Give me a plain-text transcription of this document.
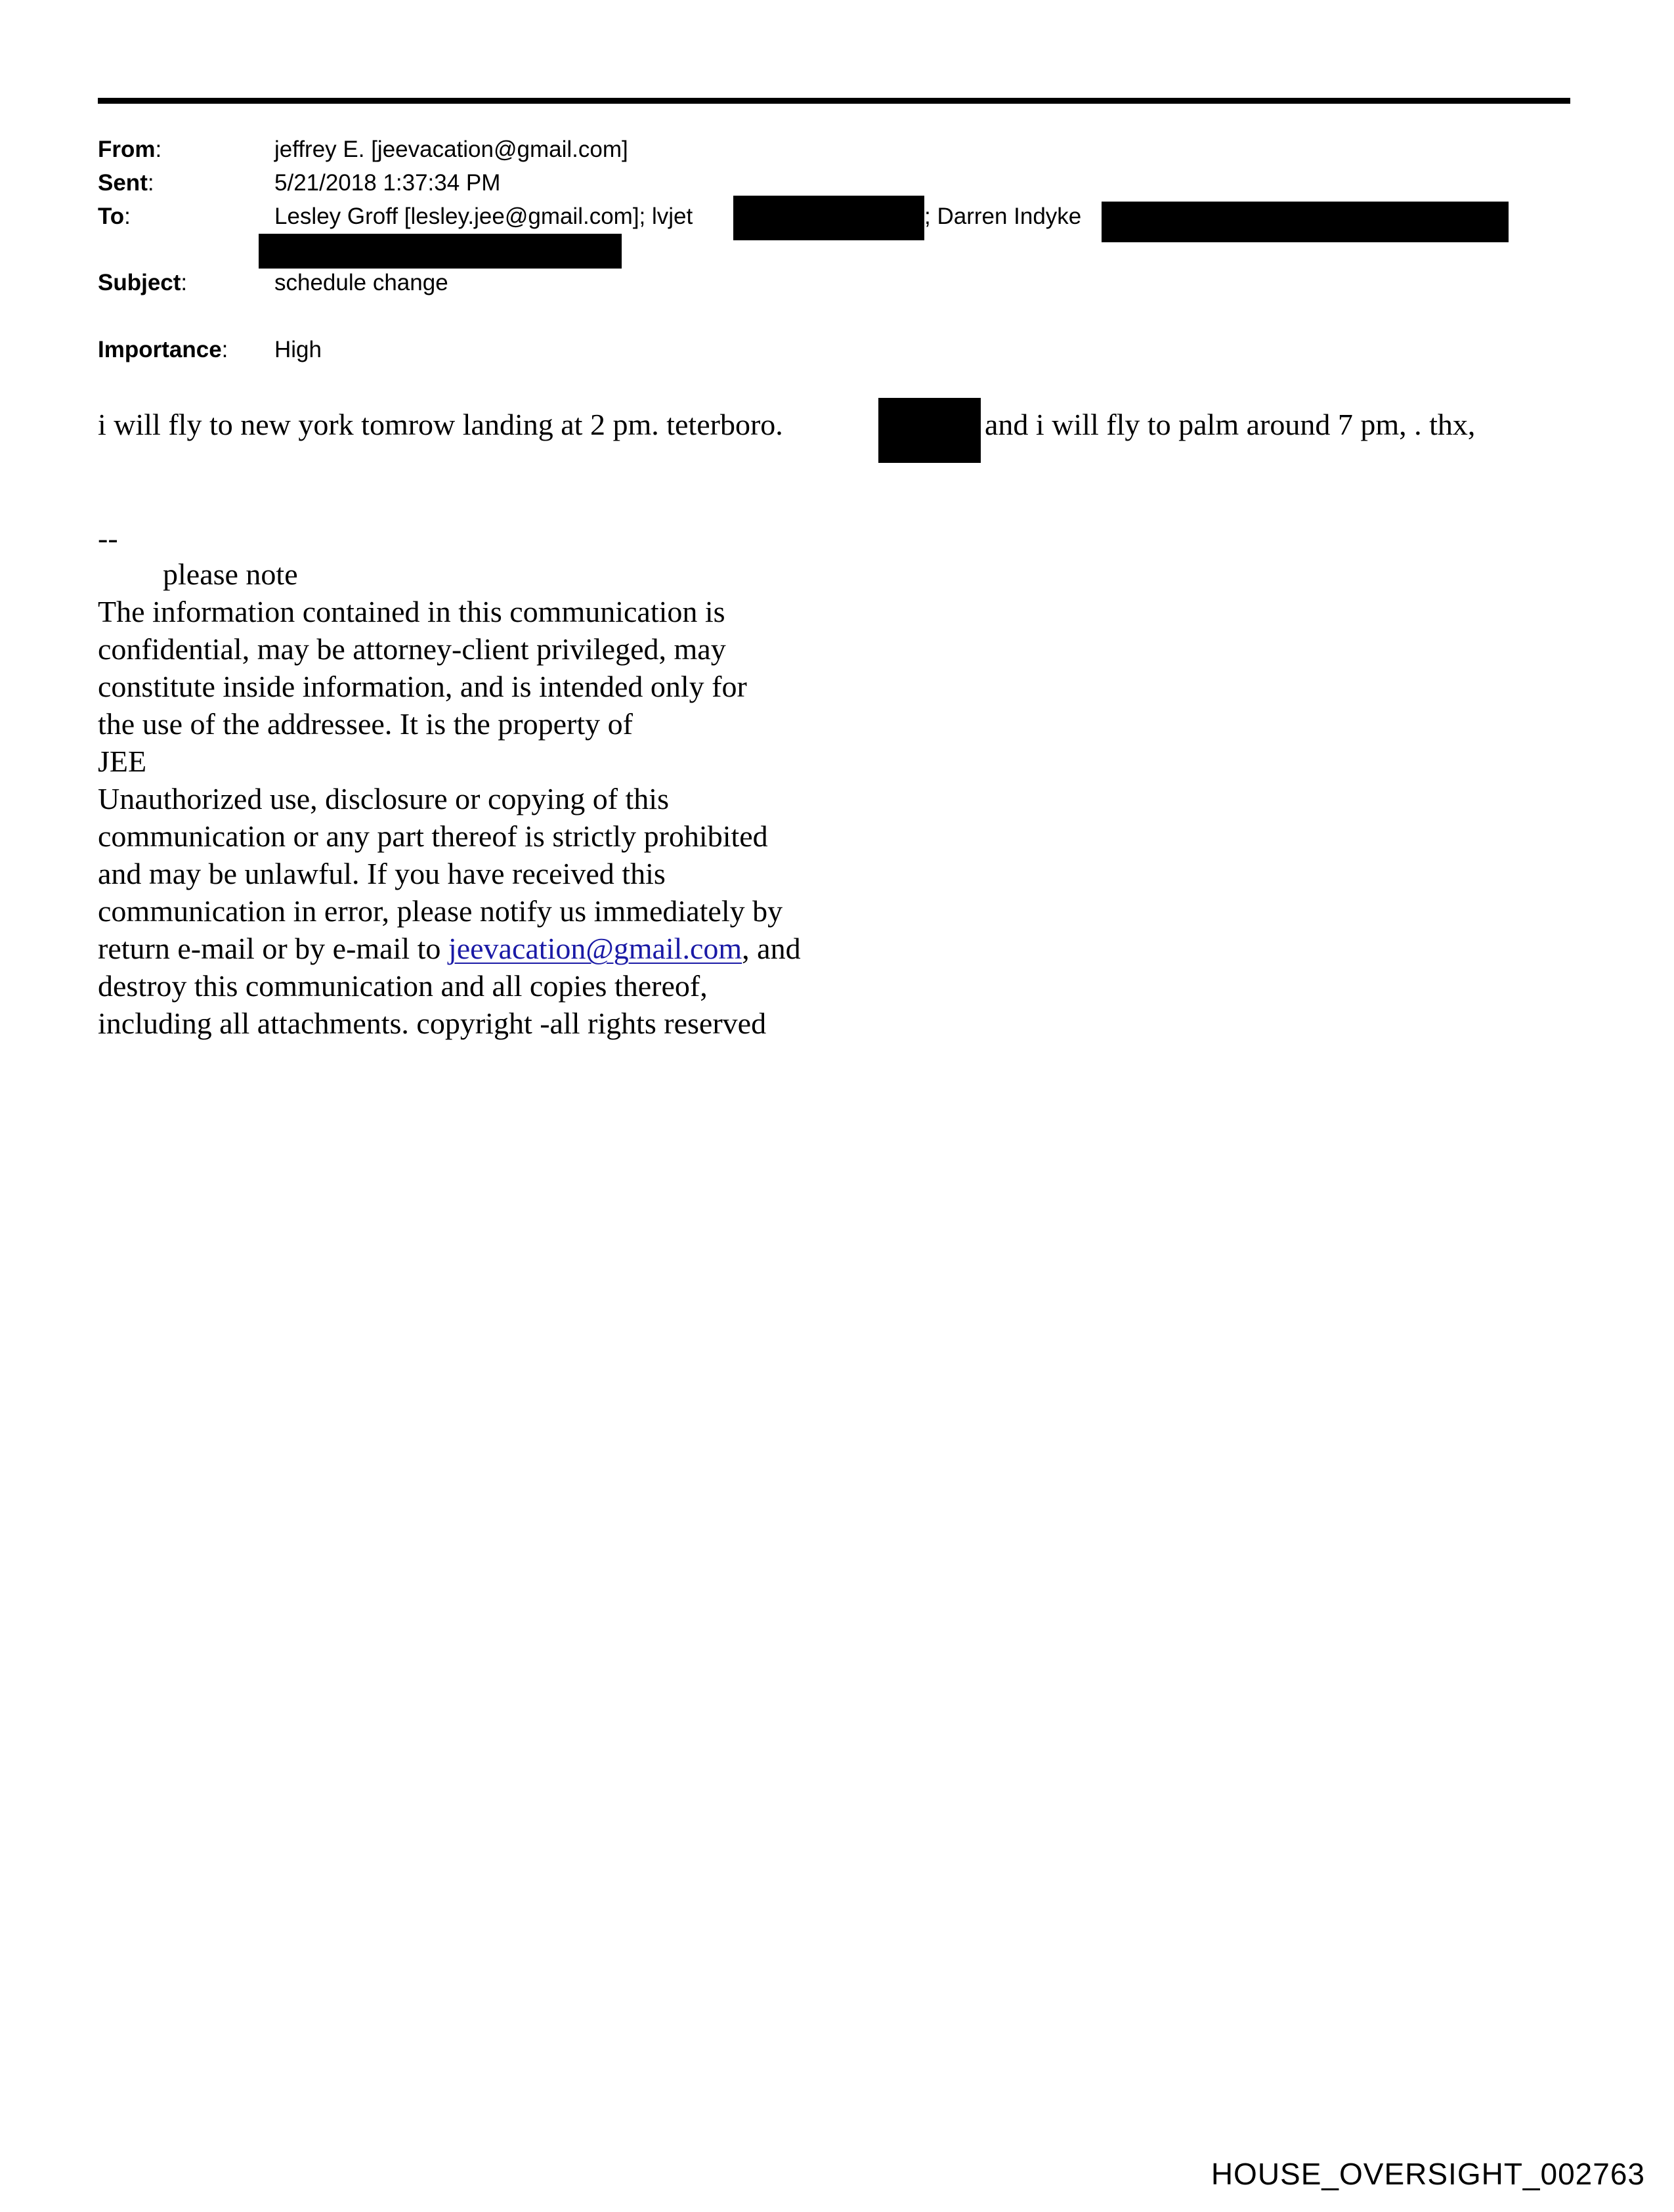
From:	jeffrey E. [jeevacation@gmail.com]
Sent:	5/21/2018 1:37:34 PM
To:	Lesley Groff [lesley.jee@gmail.com]; lvjet	; Darren Indyke
Subject:	schedule change
Importance: High
i will fly to new york tomrow landing at 2 pm. teterboro.	and i will fly to palm around 7 pm, . thx,
--
please note
The information contained in this communication is
confidential, may be attorney-client privileged, may
constitute inside information, and is intended only for
the use of the addressee. It is the property of
JEE
Unauthorized use, disclosure or copying of this
communication or any part thereof is strictly prohibited
and may be unlawful. If you have received this
communication in error, please notify us immediately by
return e-mail or by e-mail to jeevacation@gmail.com, and
destroy this communication and all copies thereof,
including all attachments. copyright -all rights reserved
HOUSE_OVERSIGHT_002763
